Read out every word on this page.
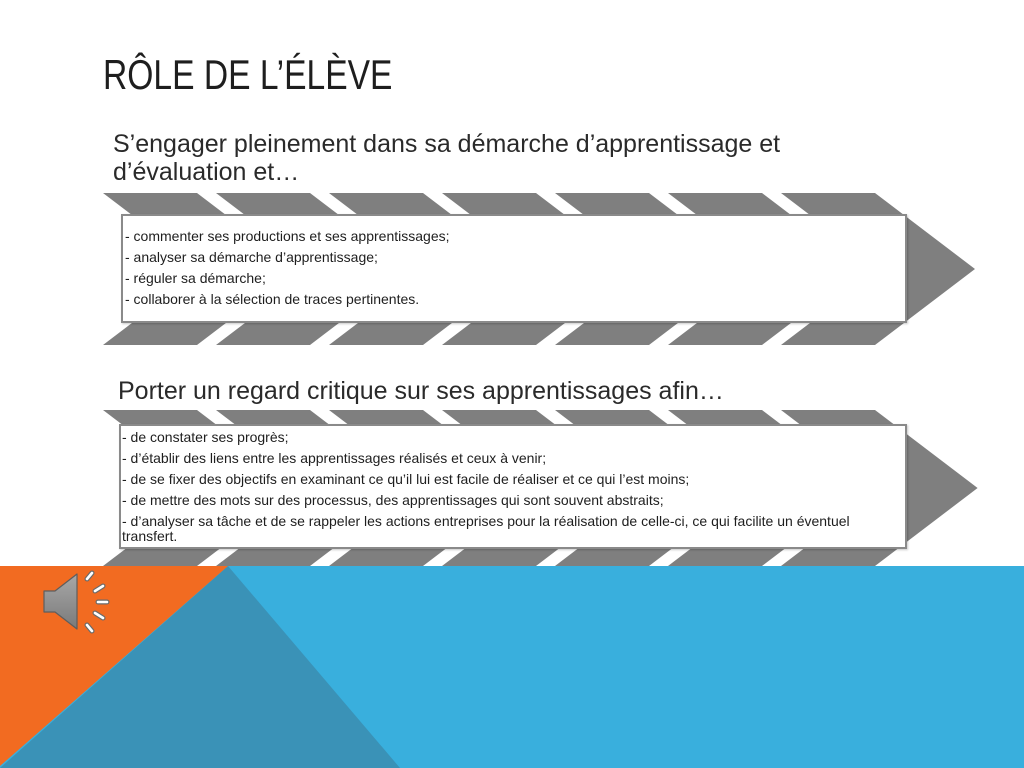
RÔLE DE L’ÉLÈVE
S’engager pleinement dans sa démarche d’apprentissage et d’évaluation et…
- commenter ses productions et ses apprentissages;
- analyser sa démarche d’apprentissage;
- réguler sa démarche;
- collaborer à la sélection de traces pertinentes.
Porter un regard critique sur ses apprentissages afin…
- de constater ses progrès;
- d’établir des liens entre les apprentissages réalisés et ceux à venir;
- de se fixer des objectifs en examinant ce qu’il lui est facile de réaliser et ce qui l’est moins;
- de mettre des mots sur des processus, des apprentissages qui sont souvent abstraits;
- d’analyser sa tâche et de se rappeler les actions entreprises pour la réalisation de celle-ci, ce qui facilite un éventuel transfert.
